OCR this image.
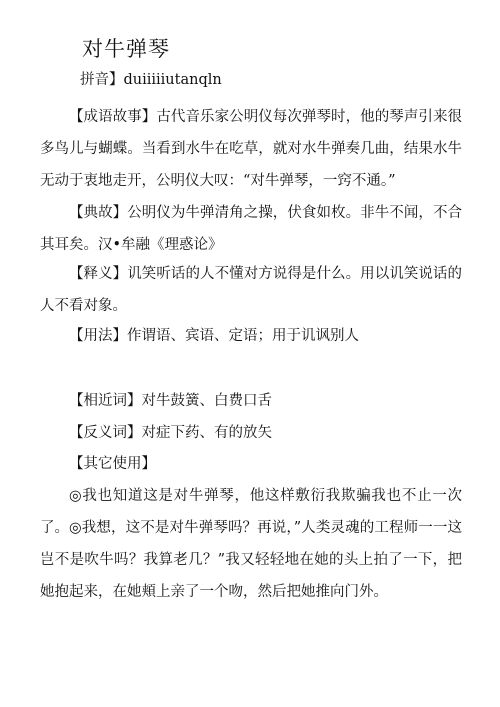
对牛弹琴
拼音】duiiiiiutanqln
【成语故事】古代音乐家公明仪每次弹琴时，他的琴声引来很多鸟儿与蝴蝶。当看到水牛在吃草，就对水牛弹奏几曲，结果水牛无动于衷地走开，公明仪大叹：“对牛弹琴，一窍不通。”
【典故】公明仪为牛弹清角之操，伏食如枚。非牛不闻，不合其耳矣。汉•牟融《理惑论》
【释义】讥笑听话的人不懂对方说得是什么。用以讥笑说话的人不看对象。
【用法】作谓语、宾语、定语；用于讥讽别人
【相近词】对牛鼓簧、白费口舌
【反义词】对症下药、有的放矢
【其它使用】
◎我也知道这是对牛弹琴，他这样敷衍我欺骗我也不止一次了。 ◎我想，这不是对牛弹琴吗？再说，”人类灵魂的工程师一一这岂不是吹牛吗？我算老几？”我又轻轻地在她的头上拍了一下，把她抱起来，在她頬上亲了一个吻，然后把她推向门外。
